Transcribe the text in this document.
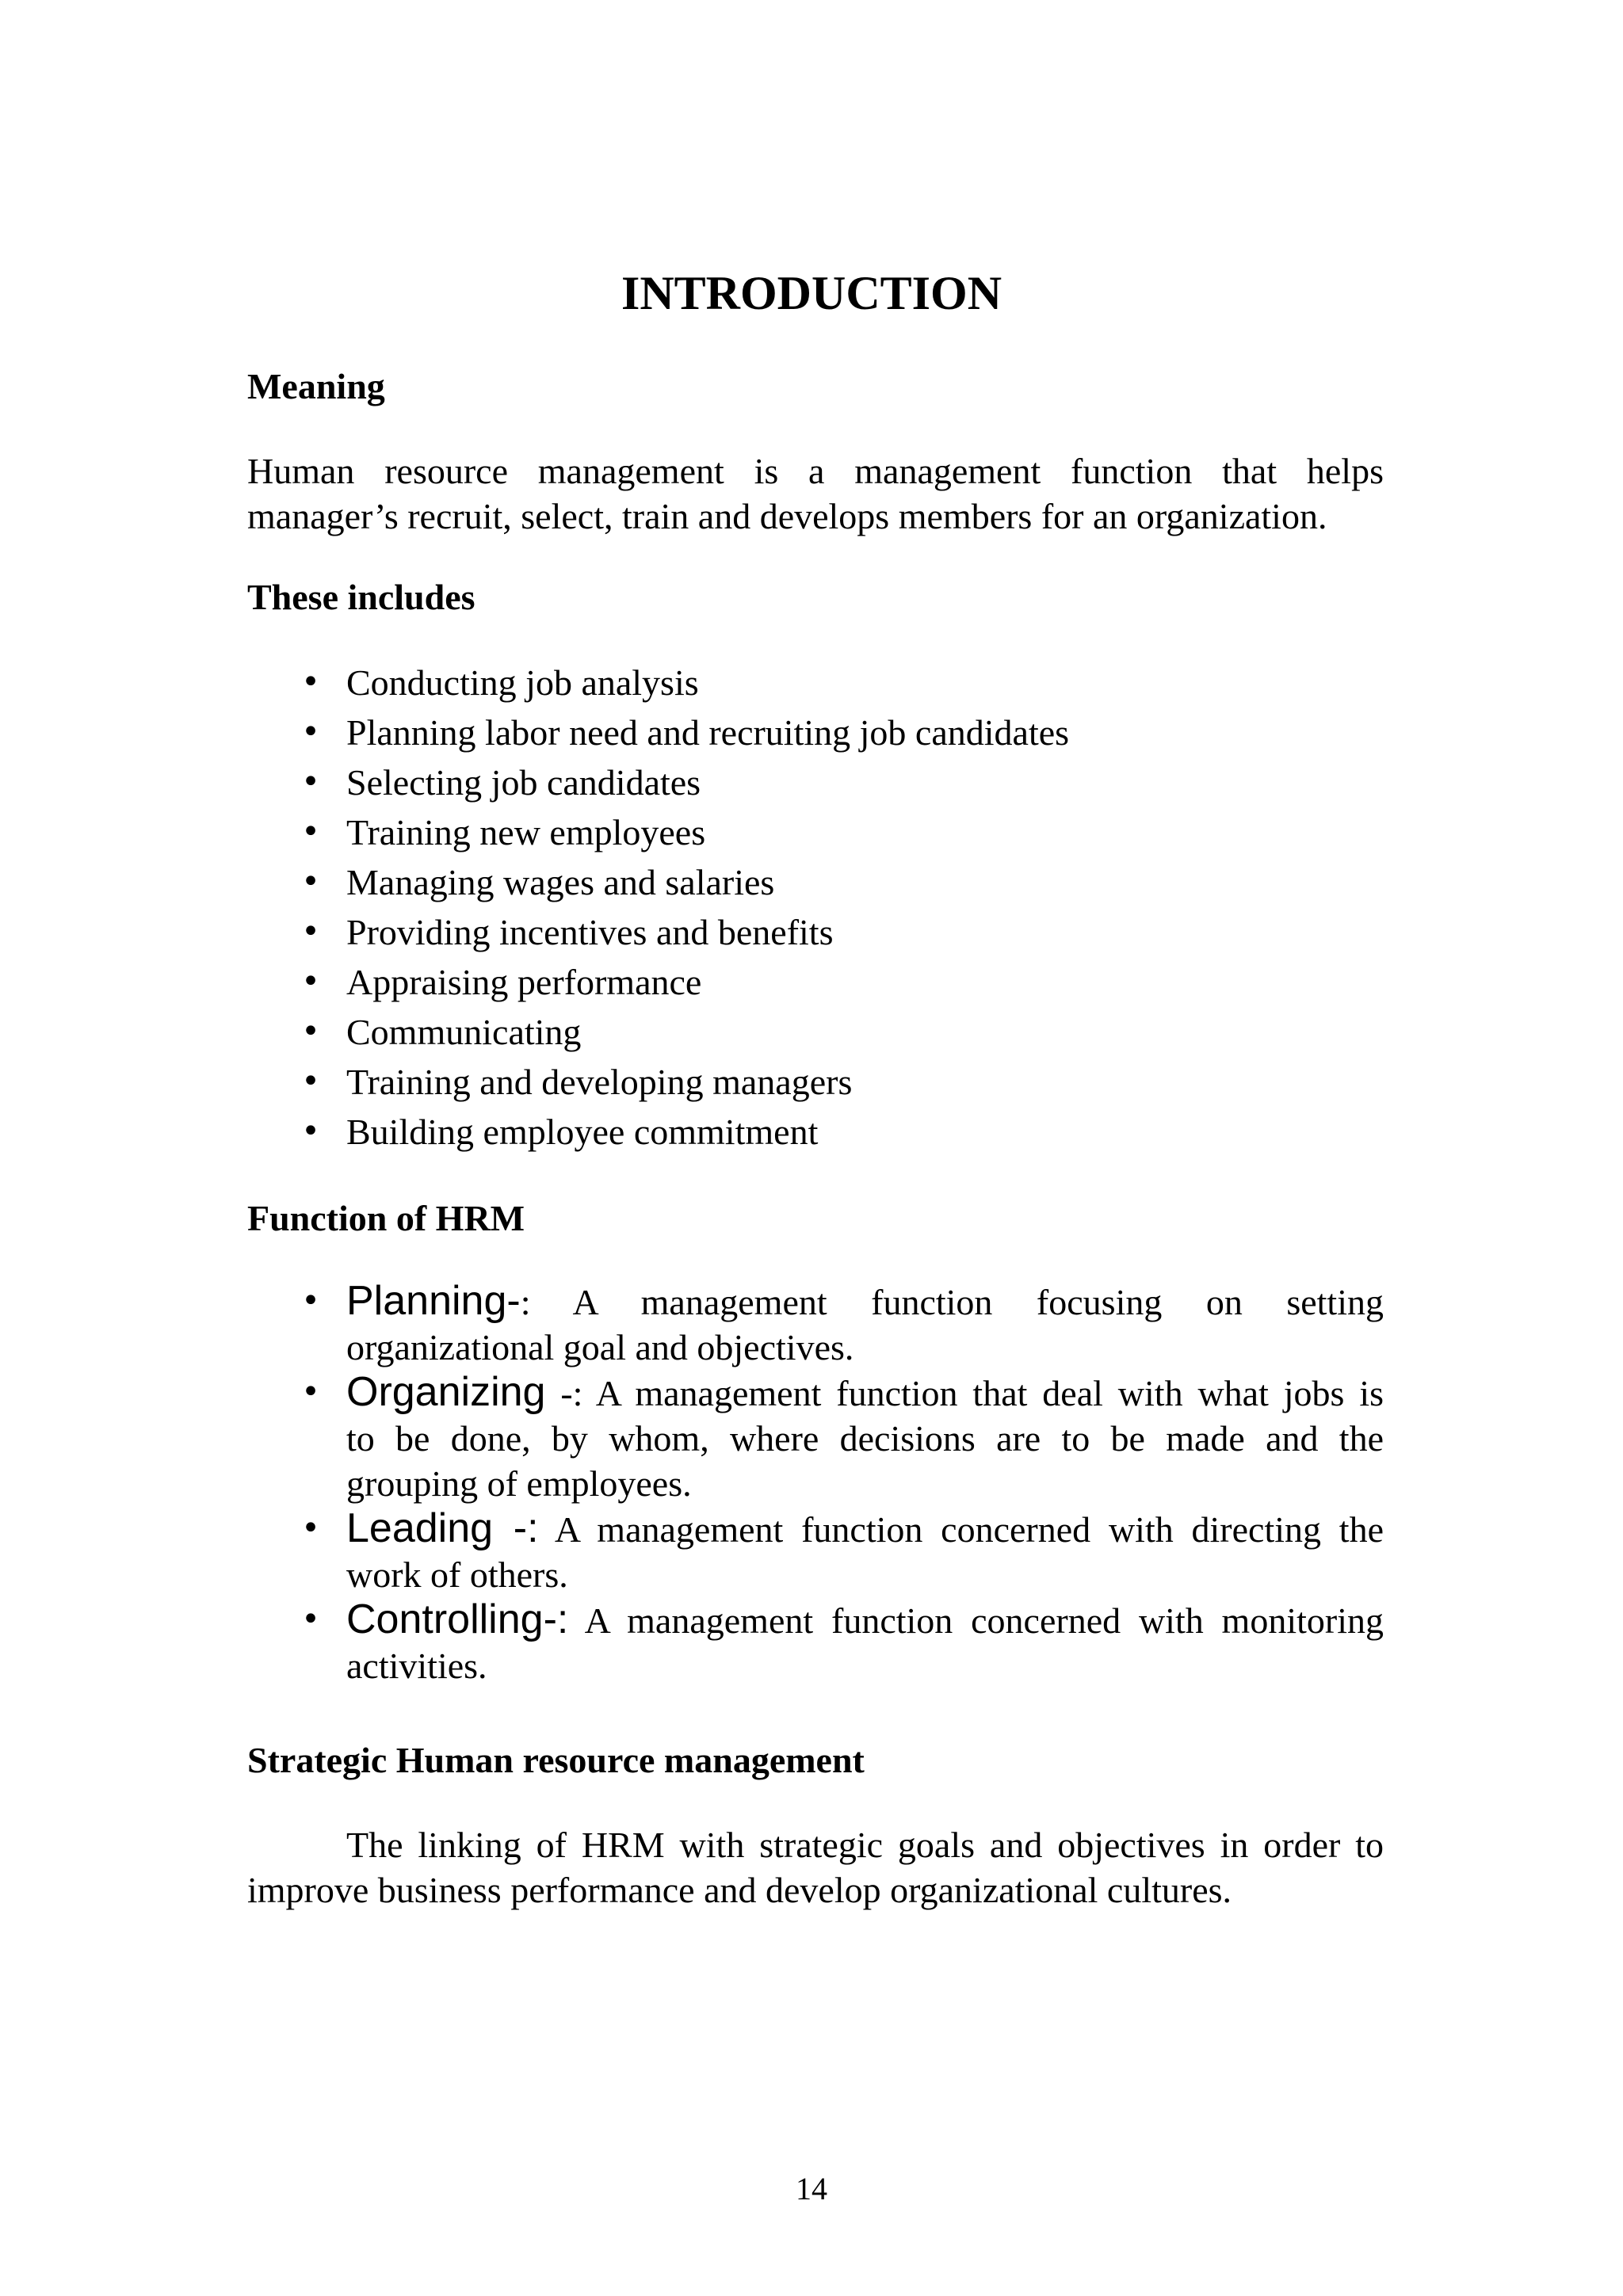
INTRODUCTION
Meaning

Human resource management is a management function that helps
manager’s recruit, select, train and develops members for an organization.

These includes
• Conducting job analysis
• Planning labor need and recruiting job candidates
• Selecting job candidates
• Training new employees
• Managing wages and salaries
• Providing incentives and benefits
• Appraising performance
• Communicating
• Training and developing managers
• Building employee commitment
Function of HRM
• Planning-: A management function focusing on setting
organizational goal and objectives.
• Organizing -: A management function that deal with what jobs is
to be done, by whom, where decisions are to be made and the
grouping of employees.
• Leading -: A management function concerned with directing the
work of others.
• Controlling-: A management function concerned with monitoring
activities.
Strategic Human resource management

The linking of HRM with strategic goals and objectives in order to
improve business performance and develop organizational cultures.

14
